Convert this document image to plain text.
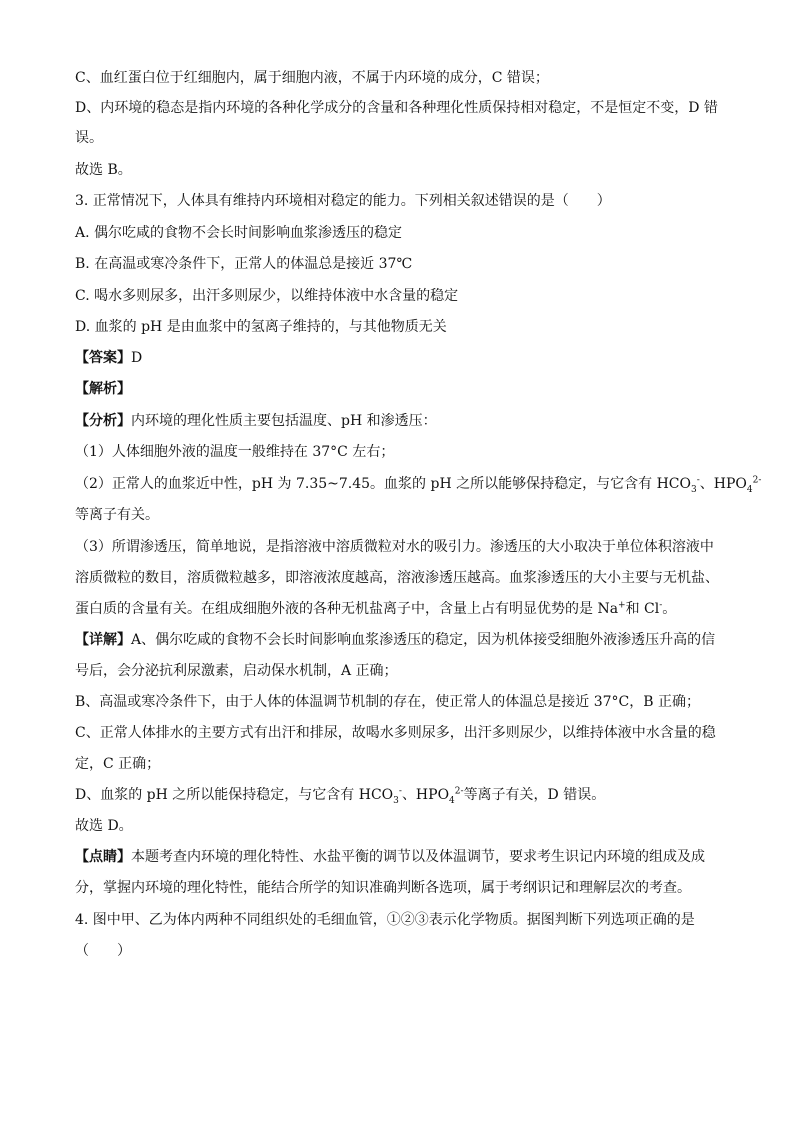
C、血红蛋白位于红细胞内，属于细胞内液，不属于内环境的成分，C 错误；
D、内环境的稳态是指内环境的各种化学成分的含量和各种理化性质保持相对稳定，不是恒定不变，D 错
误。
故选 B。
3. 正常情况下，人体具有维持内环境相对稳定的能力。下列相关叙述错误的是（　　）
A. 偶尔吃咸的食物不会长时间影响血浆渗透压的稳定
B. 在高温或寒冷条件下，正常人的体温总是接近 37℃
C. 喝水多则尿多，出汗多则尿少，以维持体液中水含量的稳定
D. 血浆的 pH 是由血浆中的氢离子维持的，与其他物质无关
【答案】D
【解析】
【分析】内环境的理化性质主要包括温度、pH 和渗透压：
（1）人体细胞外液的温度一般维持在 37°C 左右；
（2）正常人的血浆近中性，pH 为 7.35~7.45。血浆的 pH 之所以能够保持稳定，与它含有 $HCO_3^-$、$HPO_4^{2-}$
等离子有关。
（3）所谓渗透压，简单地说，是指溶液中溶质微粒对水的吸引力。渗透压的大小取决于单位体积溶液中
溶质微粒的数目，溶质微粒越多，即溶液浓度越高，溶液渗透压越高。血浆渗透压的大小主要与无机盐、
蛋白质的含量有关。在组成细胞外液的各种无机盐离子中，含量上占有明显优势的是 Na+和 Cl-。
【详解】A、偶尔吃咸的食物不会长时间影响血浆渗透压的稳定，因为机体接受细胞外液渗透压升高的信
号后，会分泌抗利尿激素，启动保水机制，A 正确；
B、高温或寒冷条件下，由于人体的体温调节机制的存在，使正常人的体温总是接近 37°C，B 正确；
C、正常人体排水的主要方式有出汗和排尿，故喝水多则尿多，出汗多则尿少，以维持体液中水含量的稳
定，C 正确；
D、血浆的 pH 之所以能保持稳定，与它含有 $HCO_3^-$、$HPO_4^{2-}$等离子有关，D 错误。
故选 D。
【点睛】本题考查内环境的理化特性、水盐平衡的调节以及体温调节，要求考生识记内环境的组成及成
分，掌握内环境的理化特性，能结合所学的知识准确判断各选项，属于考纲识记和理解层次的考查。
4. 图中甲、乙为体内两种不同组织处的毛细血管，①②③表示化学物质。据图判断下列选项正确的是
（　　）
